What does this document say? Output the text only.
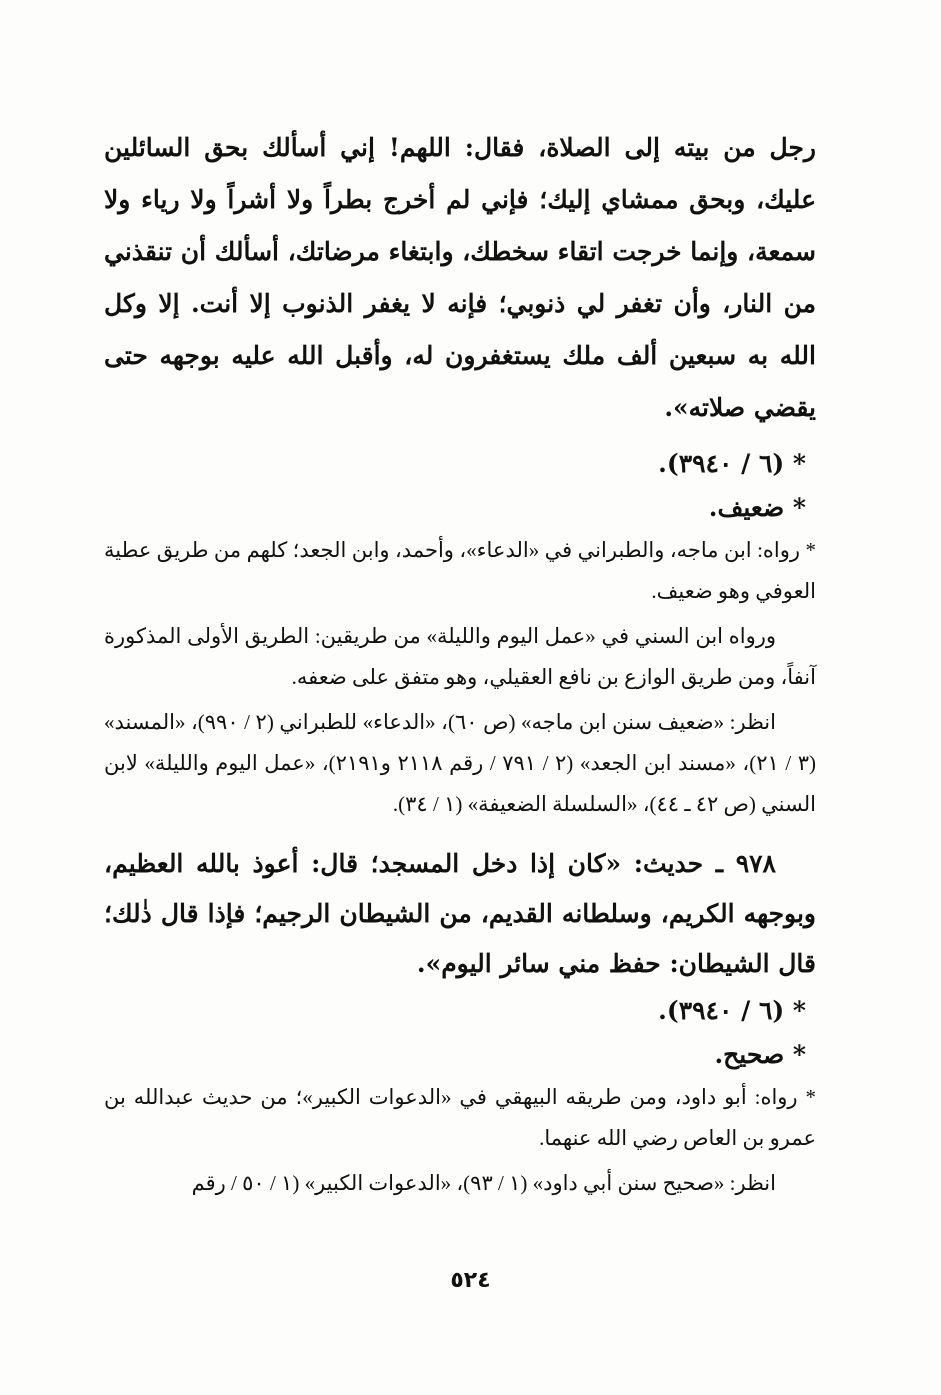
رجل من بيته إلى الصلاة، فقال: اللهم! إني أسألك بحق السائلين عليك، وبحق ممشاي إليك؛ فإني لم أخرج بطراً ولا أشراً ولا رياء ولا سمعة، وإنما خرجت اتقاء سخطك، وابتغاء مرضاتك، أسألك أن تنقذني من النار، وأن تغفر لي ذنوبي؛ فإنه لا يغفر الذنوب إلا أنت. إلا وكل الله به سبعين ألف ملك يستغفرون له، وأقبل الله عليه بوجهه حتى يقضي صلاته».

* (٦ / ٣٩٤٠).

* ضعيف.

* رواه: ابن ماجه، والطبراني في «الدعاء»، وأحمد، وابن الجعد؛ كلهم من طريق عطية العوفي وهو ضعيف.

ورواه ابن السني في «عمل اليوم والليلة» من طريقين: الطريق الأولى المذكورة آنفاً، ومن طريق الوازع بن نافع العقيلي، وهو متفق على ضعفه.

انظر: «ضعيف سنن ابن ماجه» (ص ٦٠)، «الدعاء» للطبراني (٢ / ٩٩٠)، «المسند» (٣ / ٢١)، «مسند ابن الجعد» (٢ / ٧٩١ / رقم ٢١١٨ و٢١٩١)، «عمل اليوم والليلة» لابن السني (ص ٤٢ ـ ٤٤)، «السلسلة الضعيفة» (١ / ٣٤).

٩٧٨ ـ حديث: «كان إذا دخل المسجد؛ قال: أعوذ بالله العظيم، وبوجهه الكريم، وسلطانه القديم، من الشيطان الرجيم؛ فإذا قال ذٰلك؛ قال الشيطان: حفظ مني سائر اليوم».

* (٦ / ٣٩٤٠).

* صحيح.

* رواه: أبو داود، ومن طريقه البيهقي في «الدعوات الكبير»؛ من حديث عبدالله بن عمرو بن العاص رضي الله عنهما.

انظر: «صحيح سنن أبي داود» (١ / ٩٣)، «الدعوات الكبير» (١ / ٥٠ / رقم

٥٢٤
